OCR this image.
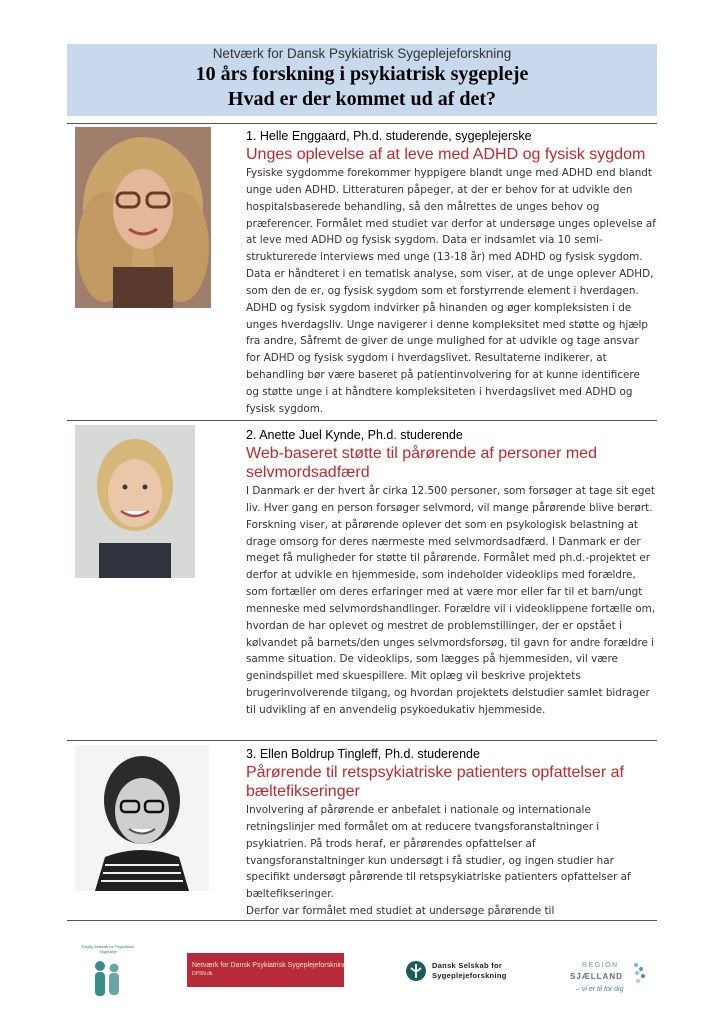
Netværk for Dansk Psykiatrisk Sygeplejeforskning
10 års forskning i psykiatrisk sygepleje
Hvad er der kommet ud af det?
1. Helle Enggaard, Ph.d. studerende, sygeplejerske
Unges oplevelse af at leve med ADHD og fysisk sygdom
Fysiske sygdomme forekommer hyppigere blandt unge med ADHD end blandt unge uden ADHD. Litteraturen påpeger, at der er behov for at udvikle den hospitalsbaserede behandling, så den målrettes de unges behov og præferencer. Formålet med studiet var derfor at undersøge unges oplevelse af at leve med ADHD og fysisk sygdom. Data er indsamlet via 10 semi-strukturerede interviews med unge (13-18 år) med ADHD og fysisk sygdom. Data er håndteret i en tematisk analyse, som viser, at de unge oplever ADHD, som den de er, og fysisk sygdom som et forstyrrende element i hverdagen. ADHD og fysisk sygdom indvirker på hinanden og øger kompleksisten i de unges hverdagsliv. Unge navigerer i denne kompleksitet med støtte og hjælp fra andre, Såfremt de giver de unge mulighed for at udvikle og tage ansvar for ADHD og fysisk sygdom i hverdagslivet. Resultaterne indikerer, at behandling bør være baseret på patientinvolvering for at kunne identificere og støtte unge i at håndtere kompleksiteten i hverdagslivet med ADHD og fysisk sygdom.
2. Anette Juel Kynde, Ph.d. studerende
Web-baseret støtte til pårørende af personer med selvmordsadfærd
I Danmark er der hvert år cirka 12.500 personer, som forsøger at tage sit eget liv. Hver gang en person forsøger selvmord, vil mange pårørende blive berørt. Forskning viser, at pårørende oplever det som en psykologisk belastning at drage omsorg for deres nærmeste med selvmordsadfærd. I Danmark er der meget få muligheder for støtte til pårørende. Formålet med ph.d.-projektet er derfor at udvikle en hjemmeside, som indeholder videoklips med forældre, som fortæller om deres erfaringer med at være mor eller far til et barn/ungt menneske med selvmordshandlinger. Forældre vil i videoklippene fortælle om, hvordan de har oplevet og mestret de problemstillinger, der er opstået i kølvandet på barnets/den unges selvmordsforsøg, til gavn for andre forældre i samme situation. De videoklips, som lægges på hjemmesiden, vil være genindspillet med skuespillere. Mit oplæg vil beskrive projektets brugerinvolverende tilgang, og hvordan projektets delstudier samlet bidrager til udvikling af en anvendelig psykoedukativ hjemmeside.
3. Ellen Boldrup Tingleff, Ph.d. studerende
Pårørende til retspsykiatriske patienters opfattelser af bæltefikseringer
Involvering af pårørende er anbefalet i nationale og internationale retningslinjer med formålet om at reducere tvangsforanstaltninger i psykiatrien. På trods heraf, er pårørendes opfattelser af tvangsforanstaltninger kun undersøgt i få studier, og ingen studier har specifikt undersøgt pårørende til retspsykiatriske patienters opfattelser af bæltefikseringer.
Derfor var formålet med studiet at undersøge pårørende til
Faglig Selskab for Psykiatrisk Sygepleje
Netværk for Dansk Psykiatrisk Sygeplejeforskning
DPSN.dk
Dansk Selskab for
Sygeplejeforskning
REGION
SJÆLLAND
– vi er til for dig
